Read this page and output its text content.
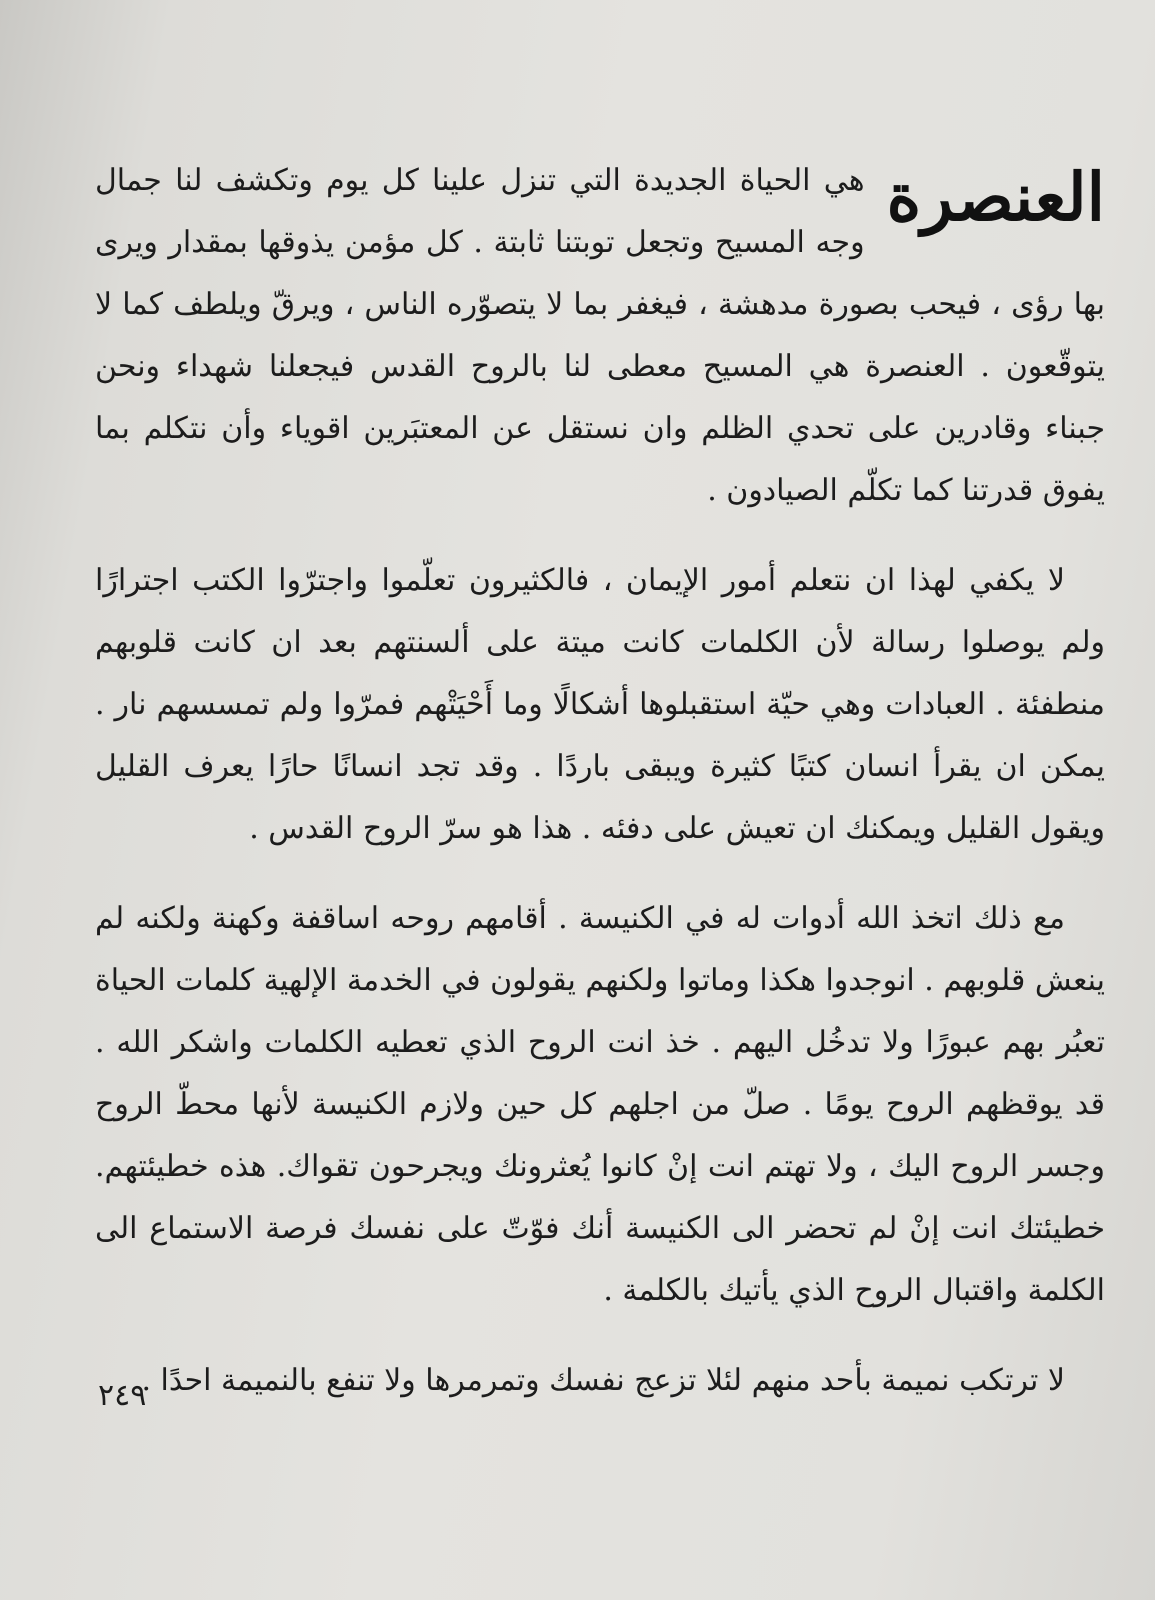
العنصرة

هي الحياة الجديدة التي تنزل علينا كل يوم وتكشف لنا جمال وجه المسيح وتجعل توبتنا ثابتة . كل مؤمن يذوقها بمقدار ويرى بها رؤى ، فيحب بصورة مدهشة ، فيغفر بما لا يتصوّره الناس ، ويرقّ ويلطف كما لا يتوقّعون . العنصرة هي المسيح معطى لنا بالروح القدس فيجعلنا شهداء ونحن جبناء وقادرين على تحدي الظلم وان نستقل عن المعتبَرين اقوياء وأن نتكلم بما يفوق قدرتنا كما تكلّم الصيادون .

لا يكفي لهذا ان نتعلم أمور الإيمان ، فالكثيرون تعلّموا واجترّوا الكتب اجترارًا ولم يوصلوا رسالة لأن الكلمات كانت ميتة على ألسنتهم بعد ان كانت قلوبهم منطفئة . العبادات وهي حيّة استقبلوها أشكالًا وما أَحْيَتْهم فمرّوا ولم تمسسهم نار . يمكن ان يقرأ انسان كتبًا كثيرة ويبقى باردًا . وقد تجد انسانًا حارًا يعرف القليل ويقول القليل ويمكنك ان تعيش على دفئه . هذا هو سرّ الروح القدس .

مع ذلك اتخذ الله أدوات له في الكنيسة . أقامهم روحه اساقفة وكهنة ولكنه لم ينعش قلوبهم . انوجدوا هكذا وماتوا ولكنهم يقولون في الخدمة الإلهية كلمات الحياة تعبُر بهم عبورًا ولا تدخُل اليهم . خذ انت الروح الذي تعطيه الكلمات واشكر الله . قد يوقظهم الروح يومًا . صلّ من اجلهم كل حين ولازم الكنيسة لأنها محطّ الروح وجسر الروح اليك ، ولا تهتم انت إنْ كانوا يُعثرونك ويجرحون تقواك. هذه خطيئتهم. خطيئتك انت إنْ لم تحضر الى الكنيسة أنك فوّتّ على نفسك فرصة الاستماع الى الكلمة واقتبال الروح الذي يأتيك بالكلمة .

لا ترتكب نميمة بأحد منهم لئلا تزعج نفسك وتمرمرها ولا تنفع بالنميمة احدًا .

٢٤٩
